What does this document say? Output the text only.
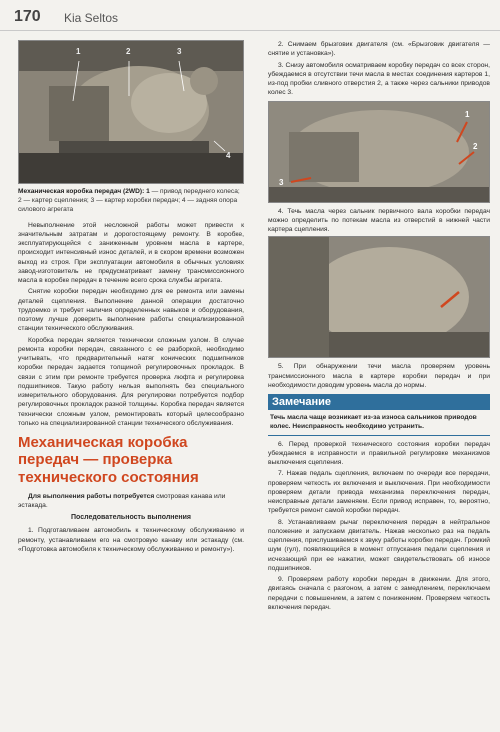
170 Kia Seltos
1	2	3
4
Механическая коробка передач (2WD): 1 — привод переднего колеса; 2 — картер сцепления; 3 — картер коробки передач; 4 — задняя опора силового агрегата

Невыполнение этой несложной работы может привести к значительным затратам и дорогостоящему ремонту. В коробке, эксплуатирующейся с заниженным уровнем масла в картере, происходит интенсивный износ деталей, и в скором времени возможен выход из строя. При эксплуатации автомобиля в обычных условиях завод-изготовитель не предусматривает замену трансмиссионного масла в коробке передач в течение всего срока службы агрегата.

Снятие коробки передач необходимо для ее ремонта или замены деталей сцепления. Выполнение данной операции достаточно трудоемко и требует наличия определенных навыков и оборудования, поэтому лучше доверить выполнение работы специализированной станции технического обслуживания.

Коробка передач является технически сложным узлом. В случае ремонта коробки передач, связанного с ее разборкой, необходимо учитывать, что предварительный натяг конических подшипников коробки передач задается толщиной регулировочных прокладок. В связи с этим при ремонте требуется проверка люфта и регулировка подшипников. Такую работу нельзя выполнять без специального измерительного оборудования. Для регулировки потребуется подбор регулировочных прокладок разной толщины. Коробка передач является технически сложным узлом, ремонтировать который целесообразно только на специализированной станции технического обслуживания.

Механическая коробка передач — проверка технического состояния

Для выполнения работы потребуется смотровая канава или эстакада.

Последовательность выполнения

1. Подготавливаем автомобиль к техническому обслуживанию и ремонту, устанавливаем его на смотровую канаву или эстакаду (см. «Подготовка автомобиля к техническому обслуживанию и ремонту»).

2. Снимаем брызговик двигателя (см. «Брызговик двигателя — снятие и установка»).

3. Снизу автомобиля осматриваем коробку передач со всех сторон, убеждаемся в отсутствии течи масла в местах соединения картеров 1, из-под пробки сливного отверстия 2, а также через сальники приводов колес 3.

1
2
3

4. Течь масла через сальник первичного вала коробки передач можно определить по потекам масла из отверстий в нижней части картера сцепления.

5. При обнаружении течи масла проверяем уровень трансмиссионного масла в картере коробки передач и при необходимости доводим уровень масла до нормы.

Замечание
Течь масла чаще возникает из-за износа сальников приводов колес. Неисправность необходимо устранить.

6. Перед проверкой технического состояния коробки передач убеждаемся в исправности и правильной регулировке механизмов выключения сцепления.

7. Нажав педаль сцепления, включаем по очереди все передачи, проверяем четкость их включения и выключения. При необходимости проверяем детали привода механизма переключения передач, неисправные детали заменяем. Если привод исправен, то, вероятно, требуется ремонт самой коробки передач.

8. Устанавливаем рычаг переключения передач в нейтральное положение и запускаем двигатель. Нажав несколько раз на педаль сцепления, прислушиваемся к звуку работы коробки передач. Громкий шум (гул), появляющийся в момент отпускания педали сцепления и исчезающий при ее нажатии, может свидетельствовать об износе подшипников.

9. Проверяем работу коробки передач в движении. Для этого, двигаясь сначала с разгоном, а затем с замедлением, переключаем передачи с повышением, а затем с понижением. Проверяем четкость включения передач.
